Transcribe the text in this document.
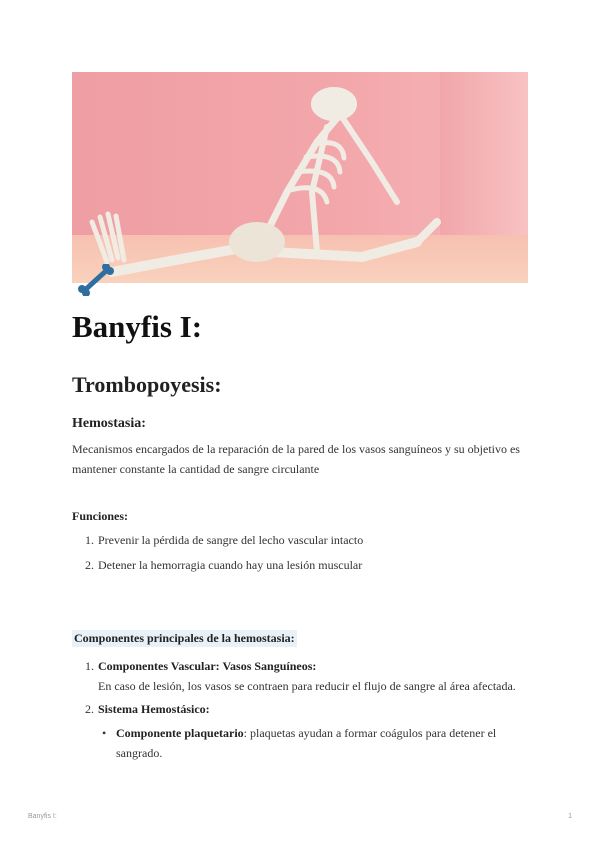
Banyfis I:
Trombopoyesis:
Hemostasia:

Mecanismos encargados de la reparación de la pared de los vasos sanguíneos y su objetivo es mantener constante la cantidad de sangre circulante

Funciones:

1. Prevenir la pérdida de sangre del lecho vascular intacto
2. Detener la hemorragia cuando hay una lesión muscular

Componentes principales de la hemostasia:

1. Componentes Vascular: Vasos Sanguíneos:
En caso de lesión, los vasos se contraen para reducir el flujo de sangre al área afectada.
2. Sistema Hemostásico:
• Componente plaquetario: plaquetas ayudan a formar coágulos para detener el sangrado.
Banyfis I:	1
